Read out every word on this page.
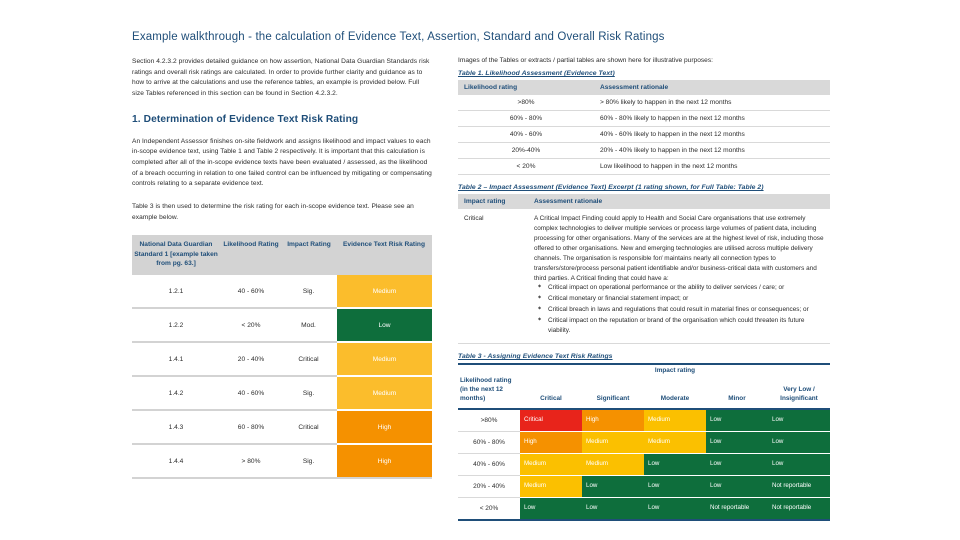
Example walkthrough - the calculation of Evidence Text, Assertion, Standard and Overall Risk Ratings

Section 4.2.3.2 provides detailed guidance on how assertion, National Data Guardian Standards risk ratings and overall risk ratings are calculated. In order to provide further clarity and guidance as to how to arrive at the calculations and use the reference tables, an example is provided below. Full size Tables referenced in this section can be found in Section 4.2.3.2.

1. Determination of Evidence Text Risk Rating

An Independent Assessor finishes on-site fieldwork and assigns likelihood and impact values to each in-scope evidence text, using Table 1 and Table 2 respectively. It is important that this calculation is completed after all of the in-scope evidence texts have been evaluated / assessed, as the likelihood of a breach occurring in relation to one failed control can be influenced by mitigating or compensating controls relating to a separate evidence text.

Table 3 is then used to determine the risk rating for each in-scope evidence text. Please see an example below.

National Data Guardian Standard 1 [example taken from pg. 63.]	Likelihood Rating	Impact Rating	Evidence Text Risk Rating
1.2.1	40 - 60%	Sig.	Medium
1.2.2	< 20%	Mod.	Low
1.4.1	20 - 40%	Critical	Medium
1.4.2	40 - 60%	Sig.	Medium
1.4.3	60 - 80%	Critical	High
1.4.4	> 80%	Sig.	High

Images of the Tables or extracts / partial tables are shown here for illustrative purposes:

Table 1. Likelihood Assessment (Evidence Text)
Likelihood rating	Assessment rationale
>80%	> 80% likely to happen in the next 12 months
60% - 80%	60% - 80% likely to happen in the next 12 months
40% - 60%	40% - 60% likely to happen in the next 12 months
20%-40%	20% - 40% likely to happen in the next 12 months
< 20%	Low likelihood to happen in the next 12 months
Table 2 – Impact Assessment (Evidence Text) Excerpt (1 rating shown, for Full Table: Table 2)
Impact rating	Assessment rationale
Critical	A Critical Impact Finding could apply to Health and Social Care organisations that use extremely complex technologies to deliver multiple services or process large volumes of patient data, including processing for other organisations. Many of the services are at the highest level of risk, including those offered to other organisations. New and emerging technologies are utilised across multiple delivery channels. The organisation is responsible for/ maintains nearly all connection types to transfers/store/process personal patient identifiable and/or business-critical data with customers and third parties. A Critical finding that could have a:
◆ Critical impact on operational performance or the ability to deliver services / care; or
◆ Critical monetary or financial statement impact; or
◆ Critical breach in laws and regulations that could result in material fines or consequences; or
◆ Critical impact on the reputation or brand of the organisation which could threaten its future viability.
Table 3 - Assigning Evidence Text Risk Ratings
	Impact rating				
Likelihood rating (in the next 12 months)	Critical	Significant	Moderate	Minor	Very Low / Insignificant
>80%	Critical	High	Medium	Low	Low
60% - 80%	High	Medium	Medium	Low	Low
40% - 60%	Medium	Medium	Low	Low	Low
20% - 40%	Medium	Low	Low	Low	Not reportable
< 20%	Low	Low	Low	Not reportable	Not reportable
